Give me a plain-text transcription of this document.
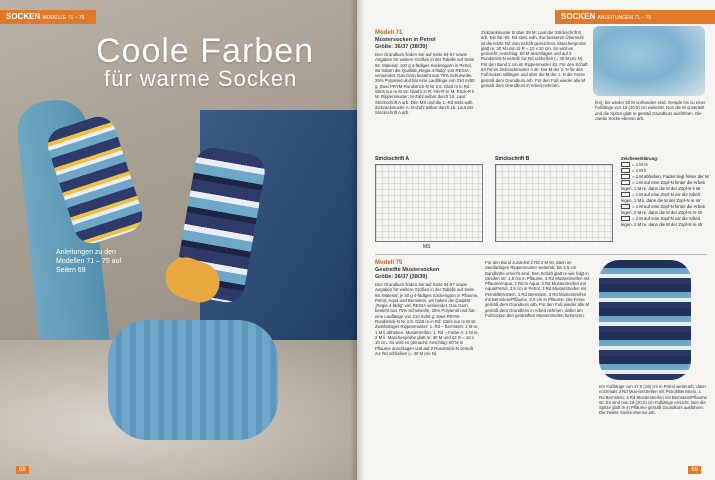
SOCKEN MODELLE 71 – 75
Coole Farben
für warme Socken
Anleitungen zu den Modellen 71 – 75 auf Seiten 69
68
SOCKEN ANLEITUNGEN 71 – 75
Modell 71
Mustersocken in Petrol
Größe: 36/37 (38/39)
Den Grundkurs finden Sie auf Seite 64-67 sowie Angaben für weitere Größen in der Tabelle auf Seite 94. Material: 100 g 4-fädiges Sockengarn in Petrol, wir haben die Qualität „Regia 4-fädig“ von REGIA verwendet. Das Garn besteht aus 75% Schurwolle, 25% Polyamid und hat eine Lauflänge von 210 m/50 g. Zwei PRYM-Rundstrick-N Nr 2,5. Glatt re in Rd: Stets nur re M str. Glatt li in R: Hin-R re M, Rück-R li M. Rippenmuster: M-Zahl teilbar durch 15. Laut Strickschrift A arb. Den MS und die 1.-Rd stets wdh. Zickzackmuster A: M-Zahl teilbar durch 15. Laut der Strickschrift A arb.
Zickzackmuster B über 29 M: Laut der Strickschrift B arb. Die 65.-80. Rd stets wdh. Zur besseren Übersicht ist die letzte Rd vom Schaft gezeichnet. Maschenprobe glatt re: 30 M und 42 R = 10 x 10 cm. So wird es gemacht: Anschlag: 60 M anschlagen und auf 2 Rundstrick-N verteilt zur Rd schließen (= 30 M pro N). Für den Bund 2 cm im Rippenmuster str. Für den Schaft 64 Rd im Zickzackmuster A str. Die M der 2. N für den Fußrücken stilllegen und über die M der 1. N die Ferse gemäß dem Grundkurs arb. Für den Fuß wieder alle M gemäß dem Grundkurs in Arbeit nehmen.
fen), bis wieder 60 M vorhanden sind. Gerade bis zu einer Fußlänge von 19 (20,5) cm weiterstr. Nun die M unverteilt und die Spitze glatt re gemäß Grundkurs ausführen. Die zweite Socke ebenso arb.
Strickschrift A
MS
Strickschrift B	Zeichenerklärung:
= 1 M re
= 1 M li
= 1 M abheben, Faden liegt hinter der M
= 1 M auf eine Zopf-N hinter die Arbeit legen, 1 M re, dann die M der Zopf-N li str
= 1 M auf eine Zopf-N vor die Arbeit legen, 1 M li, dann die M der Zopf-N re str
= 1 M auf eine Zopf-N hinter die Arbeit legen, 2 M re, dann die M der Zopf-N re str
= 2 M auf eine Zopf-N vor die Arbeit legen, 1 M re, dann die M der Zopf-N re str
Modell 75
Gestreifte Mustersocken
Größe: 36/37 (38/39)
Den Grundkurs finden Sie auf Seite 64-67 sowie Angaben für weitere Größen in der Tabelle auf Seite 94. Material: je 50 g 4-fädiges Sockengarn in Pflaume, Petrol, Aqua und Bernstein, wir haben die Qualität „Regia 4-fädig“ von REGIA verwendet. Das Garn besteht aus 75% Schurwolle, 25% Polyamid und hat eine Lauflänge von 210 m/50 g. Zwei PRYM-Rundstrick-N Nr 2,5. Glatt re in Rd: Stets nur re M str. Zweifarbiges Rippenmuster: 1. Rd – Bernstein: 1 M re, 1 M li abheben. Mustertreifen: 1. Rd – Farbe A: 1 M re, 2 M li. Maschenprobe glatt re: 30 M und 42 R = 10 x 10 cm. So wird es gemacht: Anschlag: 60 M in Pflaume anschlagen und auf 2 Rundstrick-N verteilt zur Rd schließen (= 30 M pro N).
Für den Bund zunächst 2 Rd 3 M str, dann im zweifarbigen Rippenmuster weiterstr, bis 2,5 cm Bundhöhe erreicht sind. Den Schaft glatt re wie folgt in Streifen str: 1,5 cm in Pflaume, 3 Rd Musterstreifen mit Pflaume/Aqua, 2 Rd in Aqua, 3 Rd Musterstreifen mit Aqua/Petrol, 3,5 cm in Petrol, 3 Rd Musterstreifen mit Petrol/Bernstein, 1 Rd Bernstein, 3 Rd Musterstreifen mit Bernstein/Pflaume, 2,5 cm in Pflaume. Die Ferse gemäß dem Grundkurs arb. Für den Fuß wieder alle M gemäß dem Grundkurs in Arbeit nehmen, dabei am Fußrücken den gestreiften Musterstreifen fortsetzen.
ner Fußlänge von 17,5 (19) cm in Petrol weiterarb, dann nochmals 3 Rd Mus-terstreifen mit Petrol/Bernstein, 1 Rd Bernstein, 3 Rd Musterstreifen mit Bernstein/Pflaume str. Es sind nun 19 (20,5) cm Fußlänge erreicht. Nun die Spitze glatt re in Pflaume gemäß Grundkurs ausführen. Die zweite Socke ebenso arb.
69
